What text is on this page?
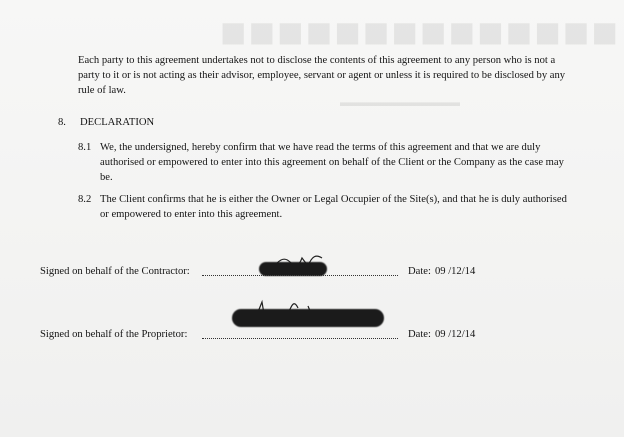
■■■■■■■■■■■■■■
▬▬▬▬▬▬▬▬▬▬
Each party to this agreement undertakes not to disclose the contents of this agreement to any person who is not a party to it or is not acting as their advisor, employee, servant or agent or unless it is required to be disclosed by any rule of law.
8. DECLARATION
8.1 We, the undersigned, hereby confirm that we have read the terms of this agreement and that we are duly authorised or empowered to enter into this agreement on behalf of the Client or the Company as the case may be.
8.2 The Client confirms that he is either the Owner or Legal Occupier of the Site(s), and that he is duly authorised or empowered to enter into this agreement.
Signed on behalf of the Contractor:	Date: 09 /12/14
Signed on behalf of the Proprietor:	Date: 09 /12/14
